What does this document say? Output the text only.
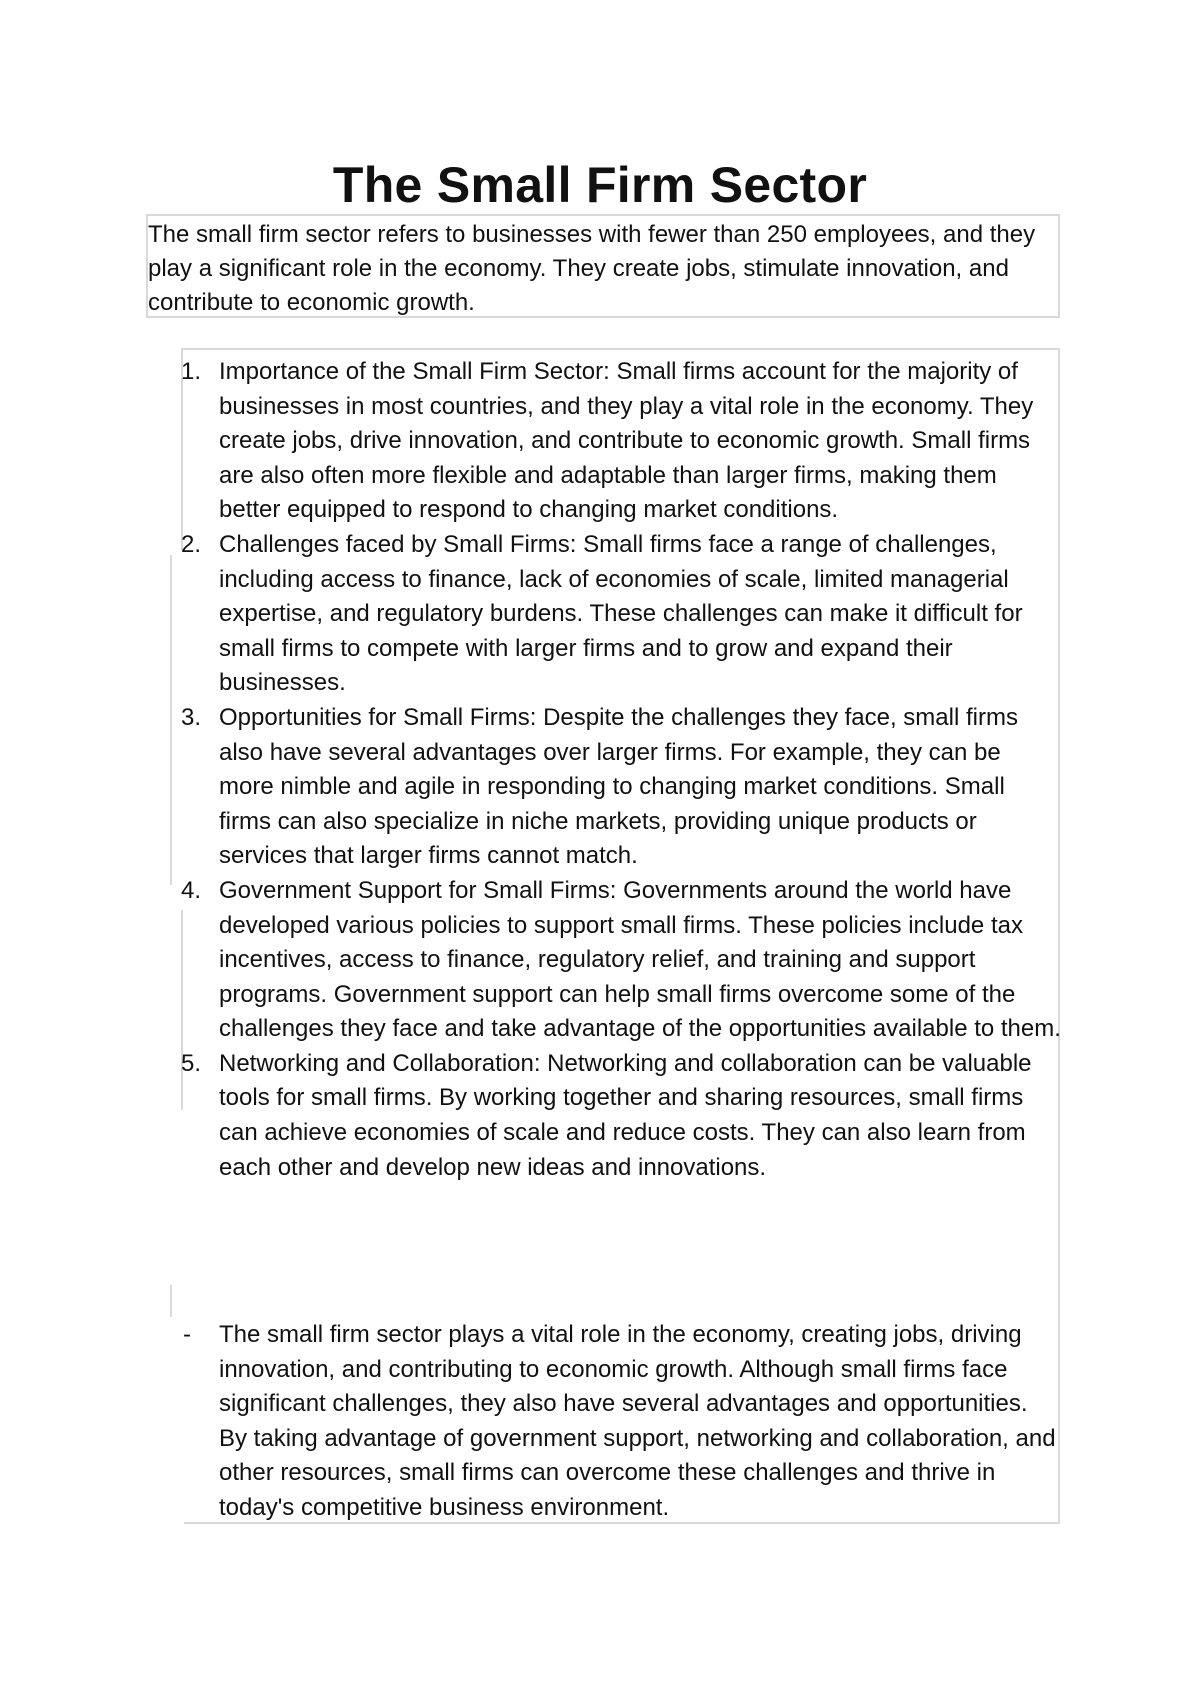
The Small Firm Sector

The small firm sector refers to businesses with fewer than 250 employees, and they play a significant role in the economy. They create jobs, stimulate innovation, and contribute to economic growth.

1. Importance of the Small Firm Sector: Small firms account for the majority of businesses in most countries, and they play a vital role in the economy. They create jobs, drive innovation, and contribute to economic growth. Small firms are also often more flexible and adaptable than larger firms, making them better equipped to respond to changing market conditions.
2. Challenges faced by Small Firms: Small firms face a range of challenges, including access to finance, lack of economies of scale, limited managerial expertise, and regulatory burdens. These challenges can make it difficult for small firms to compete with larger firms and to grow and expand their businesses.
3. Opportunities for Small Firms: Despite the challenges they face, small firms also have several advantages over larger firms. For example, they can be more nimble and agile in responding to changing market conditions. Small firms can also specialize in niche markets, providing unique products or services that larger firms cannot match.
4. Government Support for Small Firms: Governments around the world have developed various policies to support small firms. These policies include tax incentives, access to finance, regulatory relief, and training and support programs. Government support can help small firms overcome some of the challenges they face and take advantage of the opportunities available to them.
5. Networking and Collaboration: Networking and collaboration can be valuable tools for small firms. By working together and sharing resources, small firms can achieve economies of scale and reduce costs. They can also learn from each other and develop new ideas and innovations.
- The small firm sector plays a vital role in the economy, creating jobs, driving innovation, and contributing to economic growth. Although small firms face significant challenges, they also have several advantages and opportunities. By taking advantage of government support, networking and collaboration, and other resources, small firms can overcome these challenges and thrive in today's competitive business environment.
